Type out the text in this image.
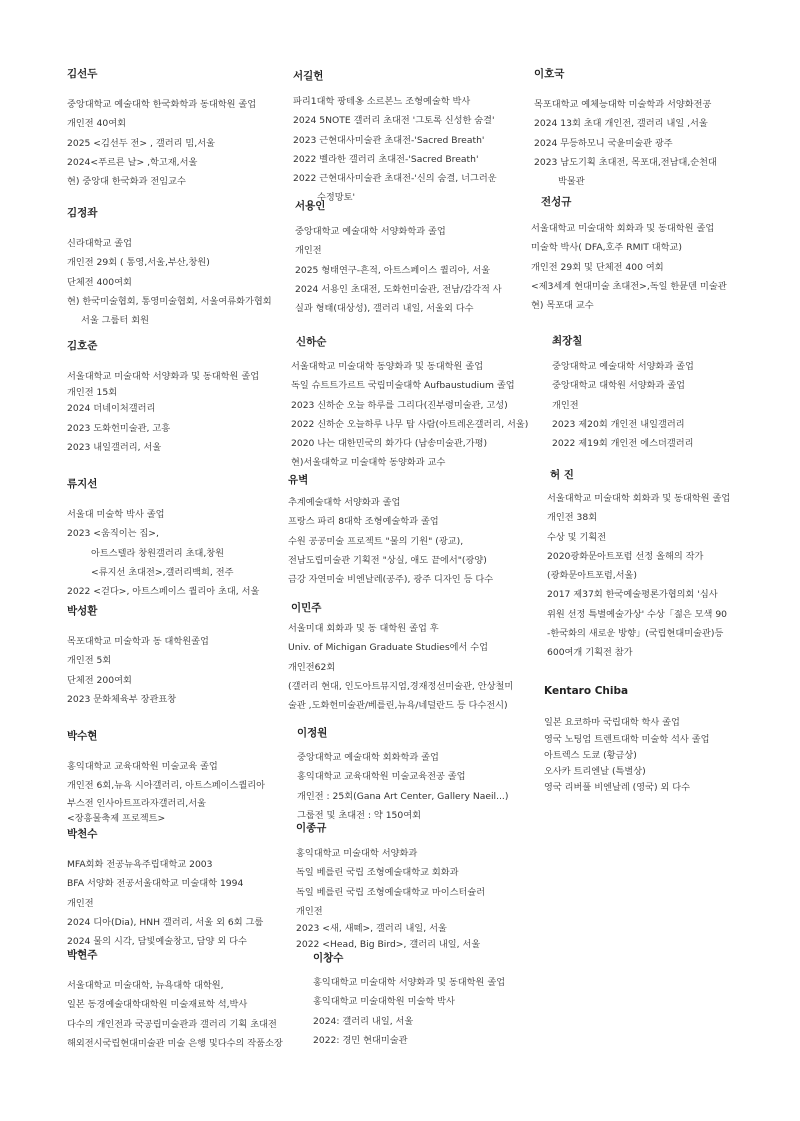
김선두
중앙대학교 예술대학 한국화학과 동대학원 졸업
개인전 40여회
2025 <김선두 전> , 갤러리 밈,서울
2024<푸르른 날> ,학고재,서울
현) 중앙대 한국화과 전임교수
김정좌
신라대학교 졸업
개인전 29회 ( 통영,서울,부산,창원)
단체전 400여회
현) 한국미술협회, 통영미술협회, 서울여류화가협회
서울 그룹터 회원
김호준
서울대학교 미술대학 서양화과 및 동대학원 졸업
개인전 15회
2024 더네이처갤러리
2023 도화헌미술관, 고흥
2023 내일갤러리, 서울
류지선
서울대 미술학 박사 졸업
2023 <움직이는 집>,
아트스텔라 창원갤러리 초대,창원
<류지선 초대전>,갤러리백희, 전주
2022 <걷다>, 아트스페이스 퀄리아 초대, 서울
박성환
목포대학교 미술학과 동 대학원졸업
개인전 5회
단체전 200여회
2023 문화체육부 장관표창
박수현
홍익대학교 교육대학원 미술교육 졸업
개인전 6회,뉴욕 시아갤러리, 아트스페이스퀄리아
부스전 인사아트프라자갤러리,서울
<장흥물축제 프로젝트>
박천수
MFA회화 전공뉴욕주립대학교 2003
BFA 서양화 전공서울대학교 미술대학 1994
개인전
2024 디아(Dia), HNH 갤러리, 서울 외 6회 그룹
2024 물의 시각, 담빛예술창고, 담양 외 다수
박현주
서울대학교 미술대학, 뉴욕대학 대학원,
일본 동경예술대학대학원 미술재료학 석,박사
다수의 개인전과 국공립미술관과 갤러리 기획 초대전
해외전시국립현대미술관 미술 은행 및다수의 작품소장
서길헌
파리1대학 팡테옹 소르본느 조형예술학 박사
2024 5NOTE 갤러리 초대전 '그토록 신성한 숨결'
2023 근현대사미술관 초대전-'Sacred Breath'
2022 벨라한 갤러리 초대전-'Sacred Breath'
2022 근현대사미술관 초대전-'신의 숨결, 너그러운
수정망토'
서용인
중앙대학교 예술대학 서양화학과 졸업
개인전
2025 형태연구-흔적, 아트스페이스 퀄리아, 서울
2024 서용인 초대전, 도화헌미술관, 전남/감각적 사
실과 형태(대상성), 갤러리 내일, 서울외 다수
신하순
서울대학교 미술대학 동양화과 및 동대학원 졸업
독일 슈트트가르트 국립미술대학 Aufbaustudium 졸업
2023 신하순 오늘 하루를 그리다(진부령미술관, 고성)
2022 신하순 오늘하루 나무 탑 사람(아트레온갤러리, 서울)
2020 나는 대한민국의 화가다 (남송미술관,가평)
현)서울대학교 미술대학 동양화과 교수
유벽
추계예술대학 서양화과 졸업
프랑스 파리 8대학 조형예술학과 졸업
수원 공공미술 프로젝트 "물의 기원" (광교),
전남도립미술관 기획전 "상실, 애도 끝에서"(광양)
금강 자연미술 비엔날레(공주), 광주 디자인 등 다수
이민주
서울미대 회화과 및 동 대학원 졸업 후
Univ. of Michigan Graduate Studies에서 수업
개인전62회
(갤러리 현대, 인도아트뮤지엄,경재정선미술관, 안상철미
술관 ,도화헌미술관/베를린,뉴욕/네덜란드 등 다수전시)
이정원
중앙대학교 예술대학 회화학과 졸업
홍익대학교 교육대학원 미술교육전공 졸업
개인전 : 25회(Gana Art Center, Gallery Naeil...)
그룹전 및 초대전 : 약 150여회
이종규
홍익대학교 미술대학 서양화과
독일 베를린 국립 조형예술대학교 회화과
독일 베를린 국립 조형예술대학교 마이스터슐러
개인전
2023 <새, 새떼>, 갤러리 내일, 서울
2022 <Head, Big Bird>, 갤러리 내일, 서울
이창수
홍익대학교 미술대학 서양화과 및 동대학원 졸업
홍익대학교 미술대학원 미술학 박사
2024: 갤러리 내일, 서울
2022: 경민 현대미술관
이호국
목포대학교 예체능대학 미술학과 서양화전공
2024 13회 초대 개인전, 갤러리 내일 ,서울
2024 무등하모니 국윤미술관 광주
2023 남도기획 초대전, 목포대,전남대,순천대
박물관
전성규
서울대학교 미술대학 회화과 및 동대학원 졸업
미술학 박사( DFA,호주 RMIT 대학교)
개인전 29회 및 단체전 400 여회
<제3세계 현대미술 초대전>,독일 한뮨덴 미술관
현) 목포대 교수
최장칠
중앙대학교 예술대학 서양화과 졸업
중앙대학교 대학원 서양화과 졸업
개인전
2023 제20회 개인전 내일갤러리
2022 제19회 개인전 에스더갤러리
허 진
서울대학교 미술대학 회화과 및 동대학원 졸업
개인전 38회
수상 및 기획전
2020광화문아트포럼 선정 올해의 작가
(광화문아트포럼,서울)
2017 제37회 한국예술평론가협의회 '심사
위원 선정 특별예술가상' 수상「젊은 모색 90
-한국화의 새로운 방향」(국립현대미술관)등
600여개 기획전 참가
Kentaro Chiba
일본 요코하마 국립대학 학사 졸업
영국 노팅엄 트렌트대학 미술학 석사 졸업
아트렉스 도쿄 (황금상)
오사카 트리엔날 (특별상)
영국 리버풀 비엔날레 (영국) 외 다수
